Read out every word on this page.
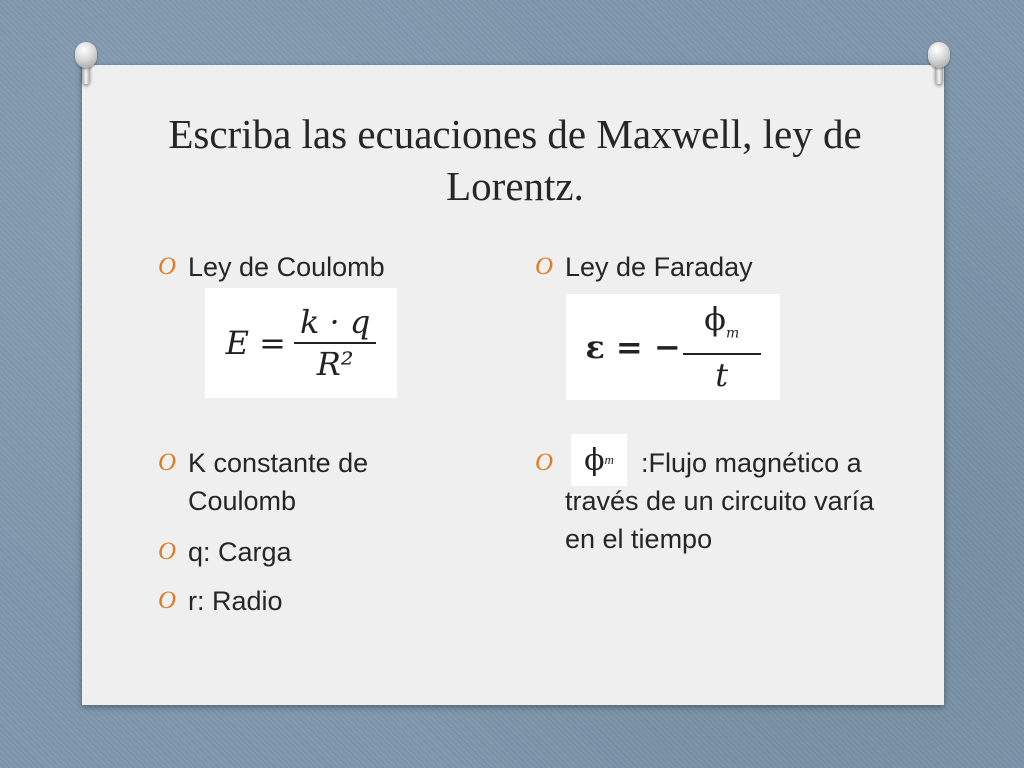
Escriba las ecuaciones de Maxwell, ley de Lorentz.
O Ley de Coulomb
$E = \frac{k \cdot q}{\text{R²}}$
O K constante de Coulomb
O q: Carga
O r: Radio
O Ley de Faraday
ε = − $\frac{\phi_m}{t}$
O	ϕ m	:Flujo magnético a través de un circuito varía en el tiempo
